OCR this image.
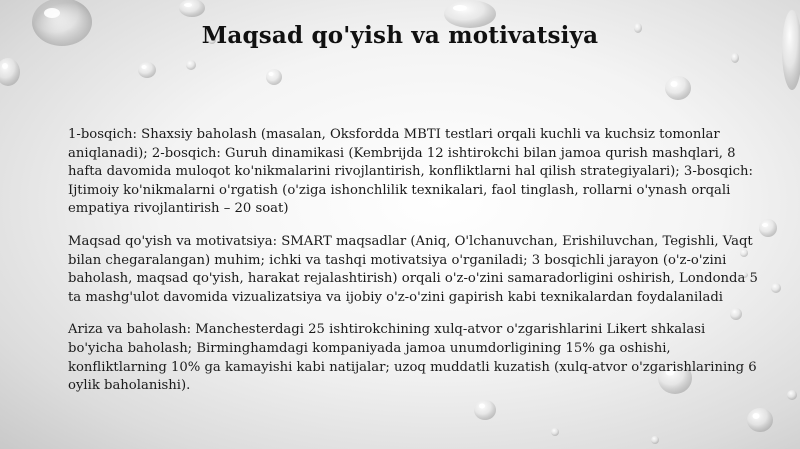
Maqsad qo'yish va motivatsiya

1-bosqich: Shaxsiy baholash (masalan, Oksfordda MBTI testlari orqali kuchli va kuchsiz tomonlar aniqlanadi); 2-bosqich: Guruh dinamikasi (Kembrijda 12 ishtirokchi bilan jamoa qurish mashqlari, 8 hafta davomida muloqot ko'nikmalarini rivojlantirish, konfliktlarni hal qilish strategiyalari); 3-bosqich: Ijtimoiy ko'nikmalarni o'rgatish (o'ziga ishonchlilik texnikalari, faol tinglash, rollarni o'ynash orqali empatiya rivojlantirish – 20 soat)

Maqsad qo'yish va motivatsiya: SMART maqsadlar (Aniq, O'lchanuvchan, Erishiluvchan, Tegishli, Vaqt bilan chegaralangan) muhim; ichki va tashqi motivatsiya o'rganiladi; 3 bosqichli jarayon (o'z-o'zini baholash, maqsad qo'yish, harakat rejalashtirish) orqali o'z-o'zini samaradorligini oshirish, Londonda 5 ta mashg'ulot davomida vizualizatsiya va ijobiy o'z-o'zini gapirish kabi texnikalardan foydalaniladi

Ariza va baholash: Manchesterdagi 25 ishtirokchining xulq-atvor o'zgarishlarini Likert shkalasi bo'yicha baholash; Birminghamdagi kompaniyada jamoa unumdorligining 15% ga oshishi, konfliktlarning 10% ga kamayishi kabi natijalar; uzoq muddatli kuzatish (xulq-atvor o'zgarishlarining 6 oylik baholanishi).
